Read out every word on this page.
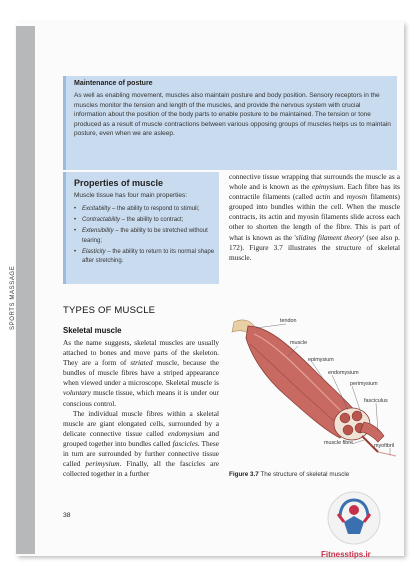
SPORTS MASSAGE
Maintenance of posture
As well as enabling movement, muscles also maintain posture and body position. Sensory receptors in the muscles monitor the tension and length of the muscles, and provide the nervous system with crucial information about the position of the body parts to enable posture to be maintained. The tension or tone produced as a result of muscle contractions between various opposing groups of muscles helps us to maintain posture, even when we are asleep.
Properties of muscle
Muscle tissue has four main properties:
• Excitability – the ability to respond to stimuli;
• Contractability – the ability to contract;
• Extensibility – the ability to be stretched without tearing;
• Elasticity – the ability to return to its normal shape after stretching.
connective tissue wrapping that surrounds the muscle as a whole and is known as the epimysium. Each fibre has its contractile filaments (called actin and myosin filaments) grouped into bundles within the cell. When the muscle contracts, its actin and myosin filaments slide across each other to shorten the length of the fibre. This is part of what is known as the 'sliding filament theory' (see also p. 172). Figure 3.7 illustrates the structure of skeletal muscle.
TYPES OF MUSCLE
Skeletal muscle

As the name suggests, skeletal muscles are usually attached to bones and move parts of the skeleton. They are a form of striated muscle, because the bundles of muscle fibres have a striped appearance when viewed under a microscope. Skeletal muscle is voluntary muscle tissue, which means it is under our conscious control.

The individual muscle fibres within a skeletal muscle are giant elongated cells, surrounded by a delicate connective tissue called endomysium and grouped together into bundles called fascicles. These in turn are surrounded by further connective tissue called perimysium. Finally, all the fascicles are collected together in a further

tendon
muscle
epimysium
endomysium
perimysium
fasciculus
muscle fibre	myofibril
Figure 3.7 The structure of skeletal muscle
38
Fitnesstips.ir
